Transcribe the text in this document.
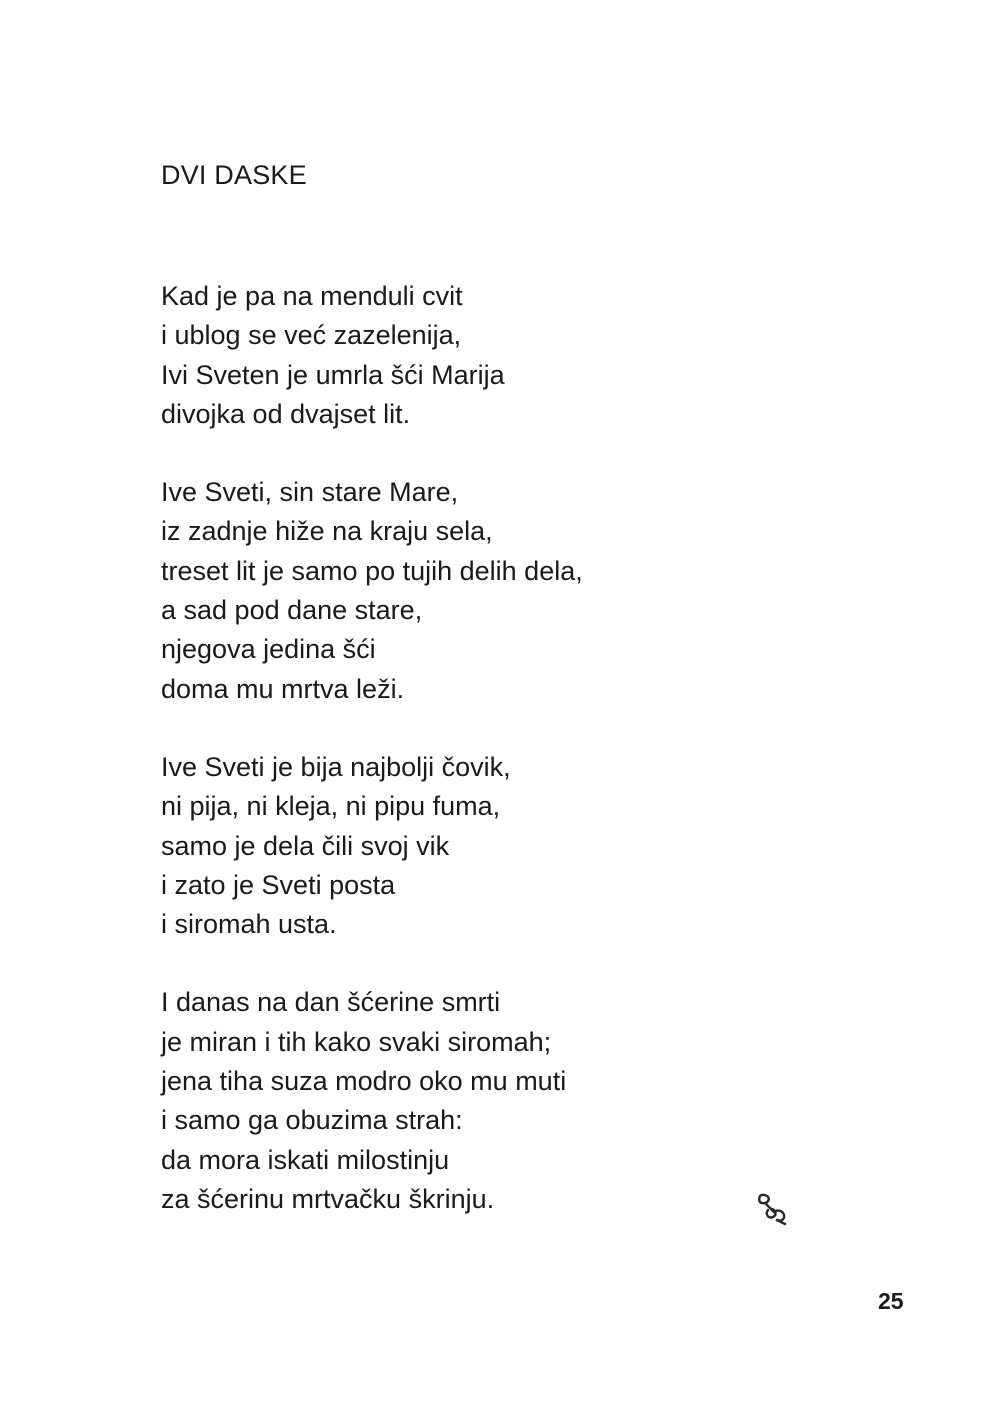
DVI DASKE
Kad je pa na menduli cvit
i ublog se već zazelenija,
Ivi Sveten je umrla šći Marija
divojka od dvajset lit.
Ive Sveti, sin stare Mare,
iz zadnje hiže na kraju sela,
treset lit je samo po tujih delih dela,
a sad pod dane stare,
njegova jedina šći
doma mu mrtva leži.
Ive Sveti je bija najbolji čovik,
ni pija, ni kleja, ni pipu fuma,
samo je dela čili svoj vik
i zato je Sveti posta
i siromah usta.
I danas na dan šćerine smrti
je miran i tih kako svaki siromah;
jena tiha suza modro oko mu muti
i samo ga obuzima strah:
da mora iskati milostinju
za šćerinu mrtvačku škrinju.
25
